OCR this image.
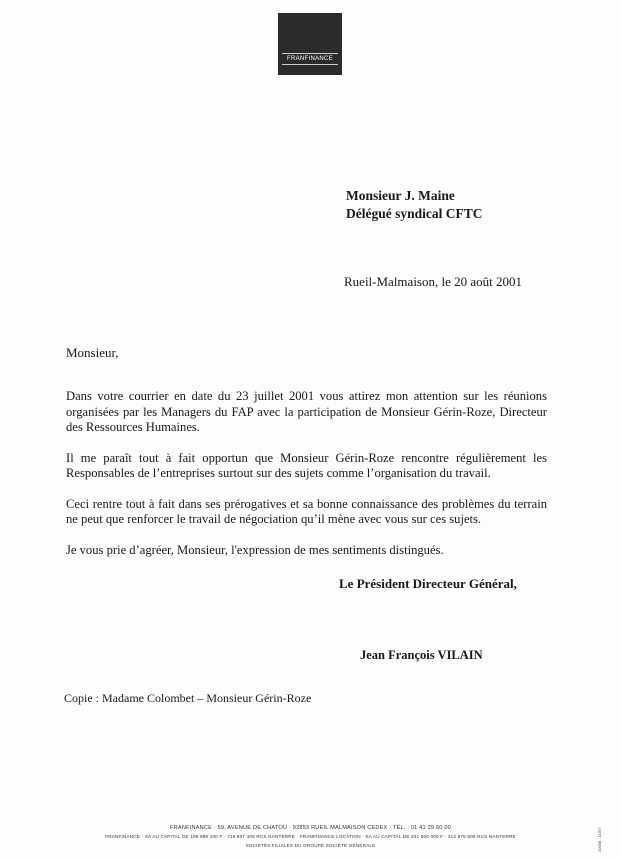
FRANFINANCE
Monsieur J. Maine
Délégué syndical CFTC
Rueil-Malmaison, le 20 août 2001
Monsieur,

Dans votre courrier en date du 23 juillet 2001 vous attirez mon attention sur les réunions organisées par les Managers du FAP avec la participation de Monsieur Gérin-Roze, Directeur des Ressources Humaines.

Il me paraît tout à fait opportun que Monsieur Gérin-Roze rencontre régulièrement les Responsables de l’entreprises surtout sur des sujets comme l’organisation du travail.

Ceci rentre tout à fait dans ses prérogatives et sa bonne connaissance des problèmes du terrain ne peut que renforcer le travail de négociation qu’il mène avec vous sur ces sujets.

Je vous prie d’agréer, Monsieur, l'expression de mes sentiments distingués.

Le Président Directeur Général,
Jean François VILAIN
Copie : Madame Colombet – Monsieur Gérin-Roze
FRANFINANCE · 59, AVENUE DE CHATOU · 92853 RUEIL MALMAISON CEDEX · TÉL. : 01 41 29 60 00
FRANFINANCE · SA AU CAPITAL DE 195 986 100 F · 719 807 406 RCS NANTERRE · FRANFINANCE LOCATION · SA AU CAPITAL DE 331 800 000 F · 314 975 806 RCS NANTERRE
SOCIÉTÉS FILIALES DU GROUPE SOCIÉTÉ GÉNÉRALE	20008 - 11/97
